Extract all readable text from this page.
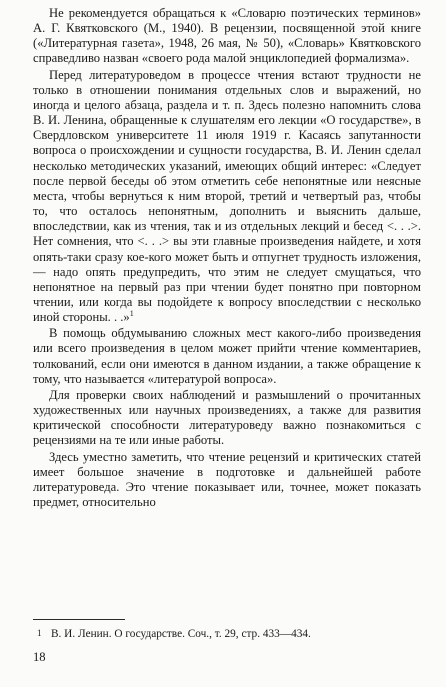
Не рекомендуется обращаться к «Словарю поэтических терминов» А. Г. Квятковского (М., 1940). В рецензии, посвященной этой книге («Литературная газета», 1948, 26 мая, № 50), «Словарь» Квятковского справедливо назван «своего рода малой энциклопедией формализма».

Перед литературоведом в процессе чтения встают трудности не только в отношении понимания отдельных слов и выражений, но иногда и целого абзаца, раздела и т. п. Здесь полезно напомнить слова В. И. Ленина, обращенные к слушателям его лекции «О государстве», в Свердловском университете 11 июля 1919 г. Касаясь запутанности вопроса о происхождении и сущности государства, В. И. Ленин сделал несколько методических указаний, имеющих общий интерес: «Следует после первой беседы об этом отметить себе непонятные или неясные места, чтобы вернуться к ним второй, третий и четвертый раз, чтобы то, что осталось непонятным, дополнить и выяснить дальше, впоследствии, как из чтения, так и из отдельных лекций и бесед <. . .>. Нет сомнения, что <. . .> вы эти главные произведения найдете, и хотя опять-таки сразу кое-кого может быть и отпугнет трудность изложения, — надо опять предупредить, что этим не следует смущаться, что непонятное на первый раз при чтении будет понятно при повторном чтении, или когда вы подойдете к вопросу впоследствии с несколько иной стороны. . .»$^1$

В помощь обдумыванию сложных мест какого-либо произведения или всего произведения в целом может прийти чтение комментариев, толкований, если они имеются в данном издании, а также обращение к тому, что называется «литературой вопроса».

Для проверки своих наблюдений и размышлений о прочитанных художественных или научных произведениях, а также для развития критической способности литературоведу важно познакомиться с рецензиями на те или иные работы.

Здесь уместно заметить, что чтение рецензий и критических статей имеет большое значение в подготовке и дальнейшей работе литературоведа. Это чтение показывает или, точнее, может показать предмет, относительно

1 В. И. Ленин. О государстве. Соч., т. 29, стр. 433—434.
18
